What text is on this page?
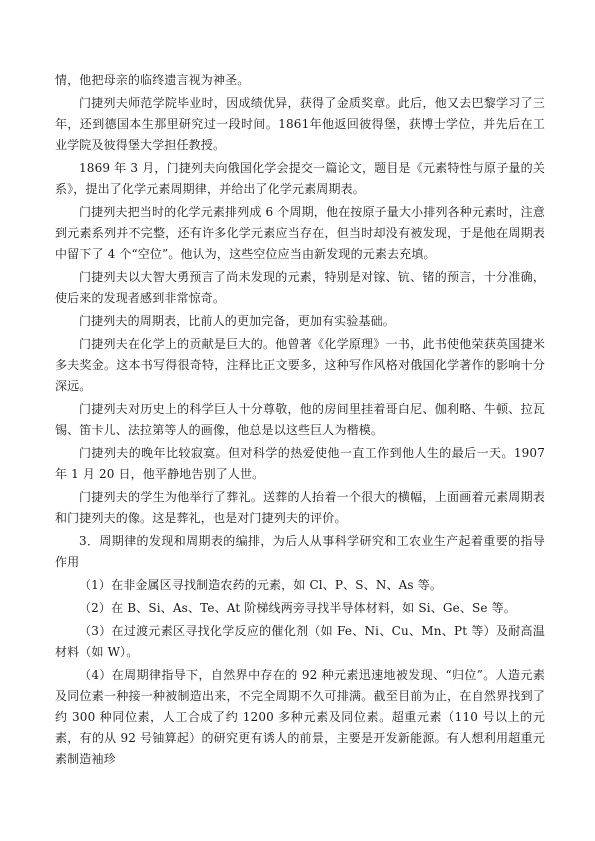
情，他把母亲的临终遗言视为神圣。

门捷列夫师范学院毕业时，因成绩优异，获得了金质奖章。此后，他又去巴黎学习了三年，还到德国本生那里研究过一段时间。1861年他返回彼得堡，获博士学位，并先后在工业学院及彼得堡大学担任教授。

1869 年 3 月，门捷列夫向俄国化学会提交一篇论文，题目是《元素特性与原子量的关系》，提出了化学元素周期律，并给出了化学元素周期表。

门捷列夫把当时的化学元素排列成 6 个周期，他在按原子量大小排列各种元素时，注意到元素系列并不完整，还有许多化学元素应当存在，但当时却没有被发现，于是他在周期表中留下了 4 个“空位”。他认为，这些空位应当由新发现的元素去充填。

门捷列夫以大智大勇预言了尚未发现的元素，特别是对镓、钪、锗的预言，十分准确，使后来的发现者感到非常惊奇。

门捷列夫的周期表，比前人的更加完备，更加有实验基础。

门捷列夫在化学上的贡献是巨大的。他曾著《化学原理》一书，此书使他荣获英国捷米多夫奖金。这本书写得很奇特，注释比正文要多，这种写作风格对俄国化学著作的影响十分深远。

门捷列夫对历史上的科学巨人十分尊敬，他的房间里挂着哥白尼、伽利略、牛顿、拉瓦锡、笛卡儿、法拉第等人的画像，他总是以这些巨人为楷模。

门捷列夫的晚年比较寂寞。但对科学的热爱使他一直工作到他人生的最后一天。1907 年 1 月 20 日，他平静地告别了人世。

门捷列夫的学生为他举行了葬礼。送葬的人抬着一个很大的横幅，上面画着元素周期表和门捷列夫的像。这是葬礼，也是对门捷列夫的评价。

3．周期律的发现和周期表的编排，为后人从事科学研究和工农业生产起着重要的指导作用

（1）在非金属区寻找制造农药的元素，如 Cl、P、S、N、As 等。

（2）在 B、Si、As、Te、At 阶梯线两旁寻找半导体材料，如 Si、Ge、Se 等。

（3）在过渡元素区寻找化学反应的催化剂（如 Fe、Ni、Cu、Mn、Pt 等）及耐高温材料（如 W）。

（4）在周期律指导下，自然界中存在的 92 种元素迅速地被发现、“归位”。人造元素及同位素一种接一种被制造出来，不完全周期不久可排满。截至目前为止，在自然界找到了约 300 种同位素，人工合成了约 1200 多种元素及同位素。超重元素（110 号以上的元素，有的从 92 号铀算起）的研究更有诱人的前景，主要是开发新能源。有人想利用超重元素制造袖珍
